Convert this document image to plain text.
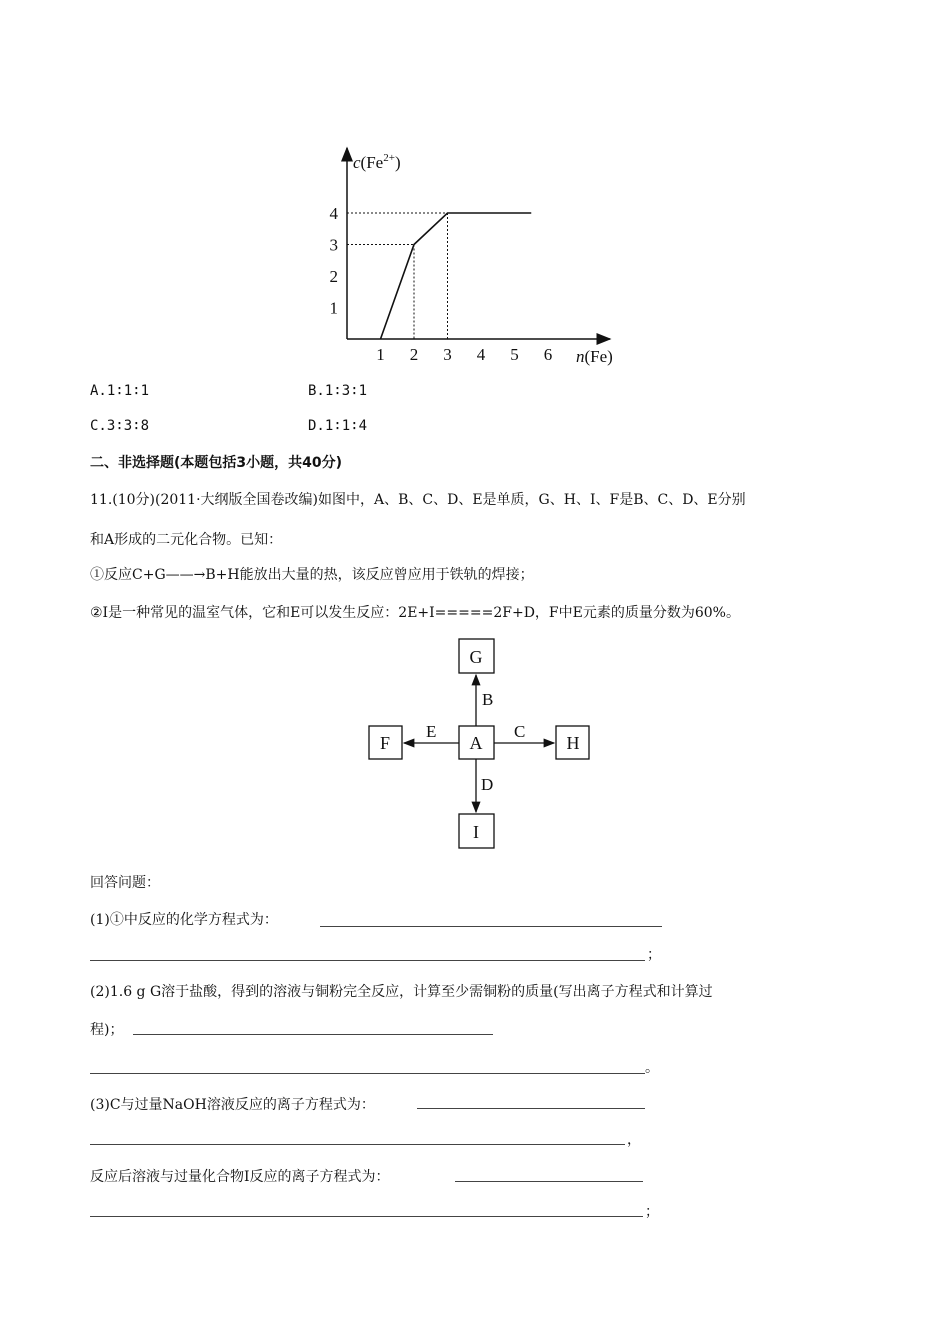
$c(Fe^{2+})$
n(Fe)
1 2 3 4 5 6
1
2
3
4
A.1∶1∶1	B.1∶3∶1
C.3∶3∶8	D.1∶1∶4
二、非选择题(本题包括3小题，共40分)
11.(10分)(2011·大纲版全国卷改编)如图中，A、B、C、D、E是单质，G、H、I、F是B、C、D、E分别
和A形成的二元化合物。已知：
①反应C+G——→B+H能放出大量的热，该反应曾应用于铁轨的焊接；
②I是一种常见的温室气体，它和E可以发生反应：2E+I=====2F+D，F中E元素的质量分数为60%。
G
F	A	H
I
B
E	C
D
回答问题：
(1)①中反应的化学方程式为：
；
(2)1.6 g G溶于盐酸，得到的溶液与铜粉完全反应，计算至少需铜粉的质量(写出离子方程式和计算过
程)；
。
(3)C与过量NaOH溶液反应的离子方程式为：
，
反应后溶液与过量化合物I反应的离子方程式为：
；
